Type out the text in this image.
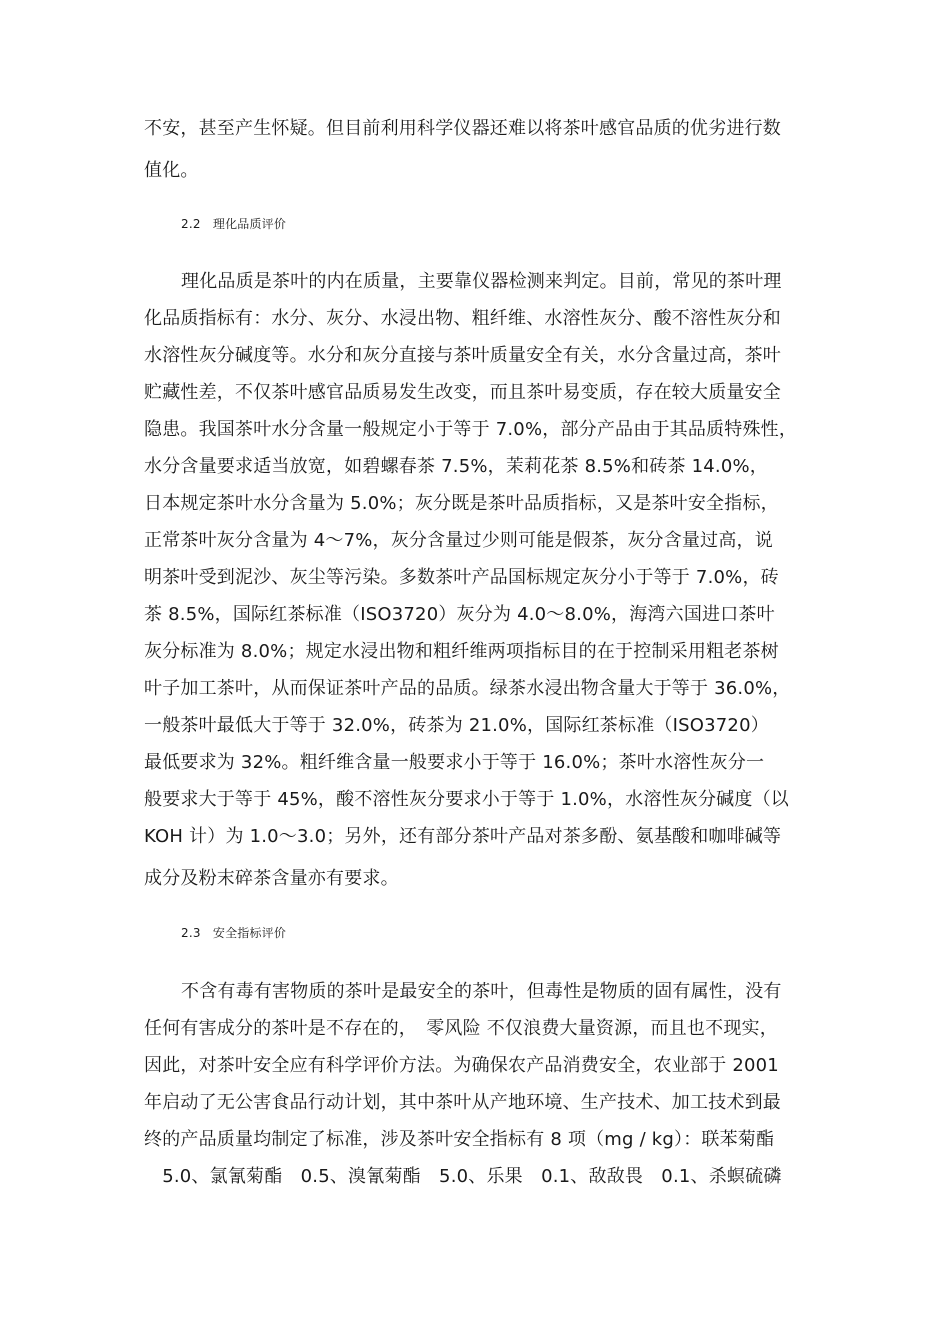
不安，甚至产生怀疑。但目前利用科学仪器还难以将茶叶感官品质的优劣进行数
值化。
2.2　理化品质评价
理化品质是茶叶的内在质量，主要靠仪器检测来判定。目前，常见的茶叶理
化品质指标有：水分、灰分、水浸出物、粗纤维、水溶性灰分、酸不溶性灰分和
水溶性灰分碱度等。水分和灰分直接与茶叶质量安全有关，水分含量过高，茶叶
贮藏性差，不仅茶叶感官品质易发生改变，而且茶叶易变质，存在较大质量安全
隐患。我国茶叶水分含量一般规定小于等于 7.0%，部分产品由于其品质特殊性，
水分含量要求适当放宽，如碧螺春茶 7.5%，茉莉花茶 8.5%和砖茶 14.0%，
日本规定茶叶水分含量为 5.0%；灰分既是茶叶品质指标，又是茶叶安全指标，
正常茶叶灰分含量为 4～7%，灰分含量过少则可能是假茶，灰分含量过高，说
明茶叶受到泥沙、灰尘等污染。多数茶叶产品国标规定灰分小于等于 7.0%，砖
茶 8.5%，国际红茶标准（ISO3720）灰分为 4.0～8.0%，海湾六国进口茶叶
灰分标准为 8.0%；规定水浸出物和粗纤维两项指标目的在于控制采用粗老茶树
叶子加工茶叶，从而保证茶叶产品的品质。绿茶水浸出物含量大于等于 36.0%，
一般茶叶最低大于等于 32.0%，砖茶为 21.0%，国际红茶标准（ISO3720）
最低要求为 32%。粗纤维含量一般要求小于等于 16.0%；茶叶水溶性灰分一
般要求大于等于 45%，酸不溶性灰分要求小于等于 1.0%，水溶性灰分碱度（以
KOH 计）为 1.0～3.0；另外，还有部分茶叶产品对茶多酚、氨基酸和咖啡碱等
成分及粉末碎茶含量亦有要求。
2.3　安全指标评价
不含有毒有害物质的茶叶是最安全的茶叶，但毒性是物质的固有属性，没有
任何有害成分的茶叶是不存在的，　零风险 不仅浪费大量资源，而且也不现实，
因此，对茶叶安全应有科学评价方法。为确保农产品消费安全，农业部于 2001
年启动了无公害食品行动计划，其中茶叶从产地环境、生产技术、加工技术到最
终的产品质量均制定了标准，涉及茶叶安全指标有 8 项（mg / kg）：联苯菊酯
　5.0、氯氰菊酯　0.5、溴氰菊酯　5.0、乐果　0.1、敌敌畏　0.1、杀螟硫磷
